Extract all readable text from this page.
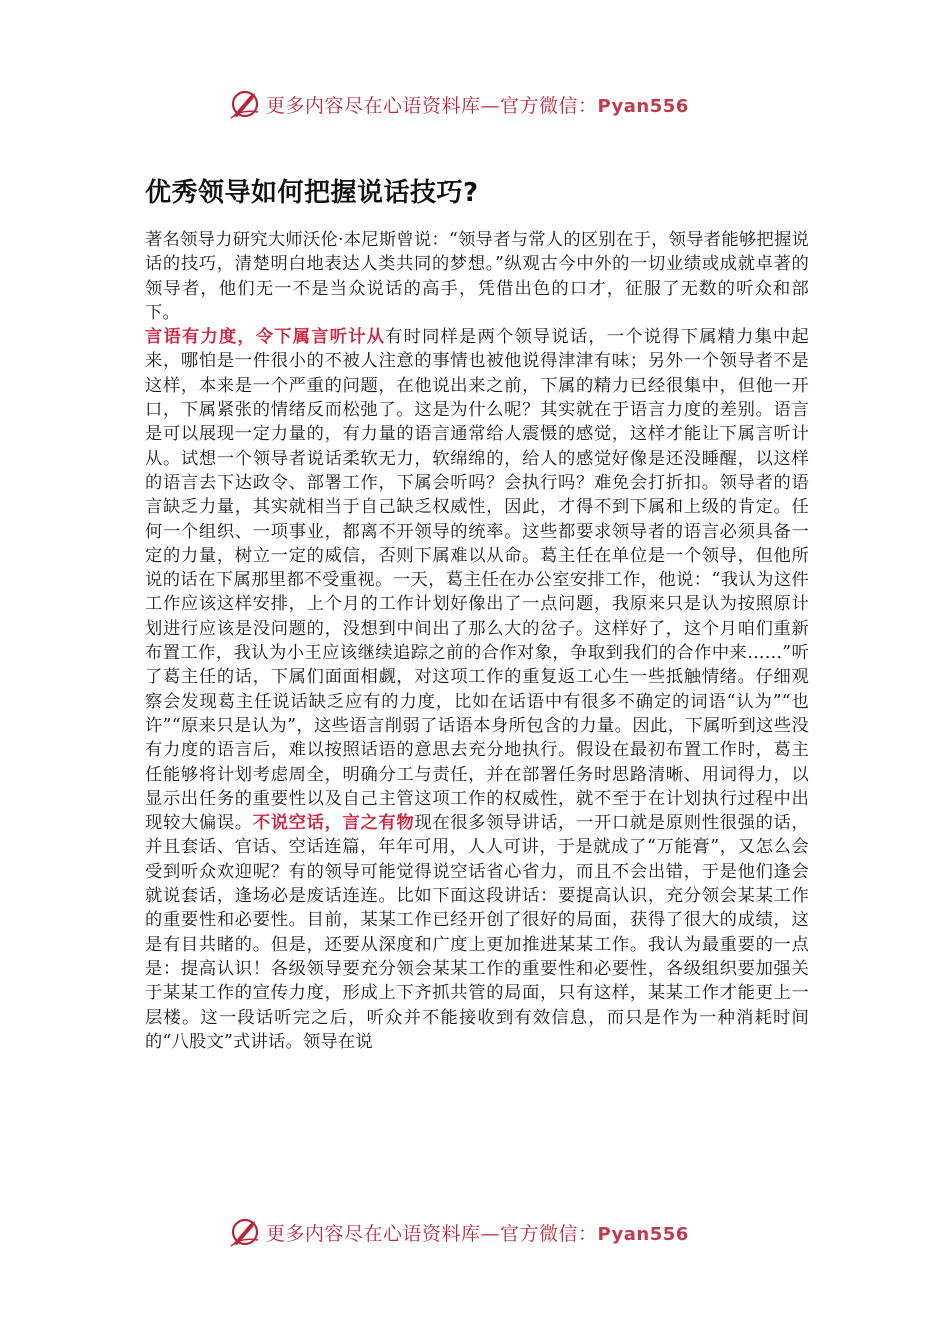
更多内容尽在心语资料库—官方微信：Pyan556
优秀领导如何把握说话技巧?

著名领导力研究大师沃伦·本尼斯曾说：“领导者与常人的区别在于，领导者能够把握说话的技巧，清楚明白地表达人类共同的梦想。”纵观古今中外的一切业绩或成就卓著的领导者，他们无一不是当众说话的高手，凭借出色的口才，征服了无数的听众和部下。
言语有力度，令下属言听计从有时同样是两个领导说话，一个说得下属精力集中起来，哪怕是一件很小的不被人注意的事情也被他说得津津有味；另外一个领导者不是这样，本来是一个严重的问题，在他说出来之前，下属的精力已经很集中，但他一开口，下属紧张的情绪反而松弛了。这是为什么呢？其实就在于语言力度的差别。语言是可以展现一定力量的，有力量的语言通常给人震慑的感觉，这样才能让下属言听计从。试想一个领导者说话柔软无力，软绵绵的，给人的感觉好像是还没睡醒，以这样的语言去下达政令、部署工作，下属会听吗？会执行吗？难免会打折扣。领导者的语言缺乏力量，其实就相当于自己缺乏权威性，因此，才得不到下属和上级的肯定。任何一个组织、一项事业，都离不开领导的统率。这些都要求领导者的语言必须具备一定的力量，树立一定的威信，否则下属难以从命。葛主任在单位是一个领导，但他所说的话在下属那里都不受重视。一天，葛主任在办公室安排工作，他说：“我认为这件工作应该这样安排，上个月的工作计划好像出了一点问题，我原来只是认为按照原计划进行应该是没问题的，没想到中间出了那么大的岔子。这样好了，这个月咱们重新布置工作，我认为小王应该继续追踪之前的合作对象，争取到我们的合作中来……”听了葛主任的话，下属们面面相觑，对这项工作的重复返工心生一些抵触情绪。仔细观察会发现葛主任说话缺乏应有的力度，比如在话语中有很多不确定的词语“认为”“也许”“原来只是认为”，这些语言削弱了话语本身所包含的力量。因此，下属听到这些没有力度的语言后，难以按照话语的意思去充分地执行。假设在最初布置工作时，葛主任能够将计划考虑周全，明确分工与责任，并在部署任务时思路清晰、用词得力，以显示出任务的重要性以及自己主管这项工作的权威性，就不至于在计划执行过程中出现较大偏误。不说空话，言之有物现在很多领导讲话，一开口就是原则性很强的话，并且套话、官话、空话连篇，年年可用，人人可讲，于是就成了“万能膏”，又怎么会受到听众欢迎呢？有的领导可能觉得说空话省心省力，而且不会出错，于是他们逢会就说套话，逢场必是废话连连。比如下面这段讲话：要提高认识，充分领会某某工作的重要性和必要性。目前，某某工作已经开创了很好的局面，获得了很大的成绩，这是有目共睹的。但是，还要从深度和广度上更加推进某某工作。我认为最重要的一点是：提高认识！各级领导要充分领会某某工作的重要性和必要性，各级组织要加强关于某某工作的宣传力度，形成上下齐抓共管的局面，只有这样，某某工作才能更上一层楼。这一段话听完之后，听众并不能接收到有效信息，而只是作为一种消耗时间的“八股文”式讲话。领导在说

更多内容尽在心语资料库—官方微信：Pyan556
